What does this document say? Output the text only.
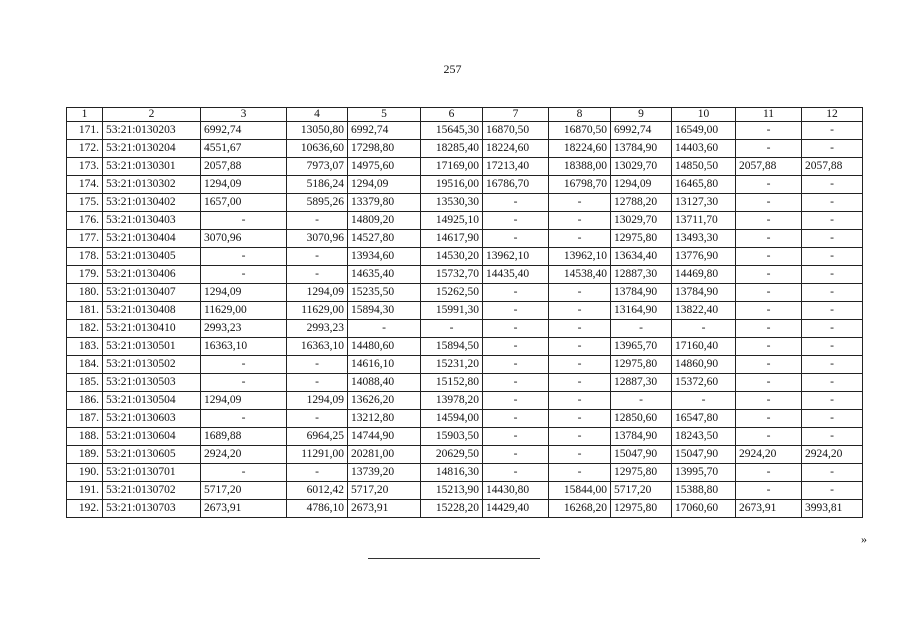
257
1	2	3	4	5	6	7	8	9	10	11	12
171.	53:21:0130203	6992,74	13050,80	6992,74	15645,30	16870,50	16870,50	6992,74	16549,00	-	-
172.	53:21:0130204	4551,67	10636,60	17298,80	18285,40	18224,60	18224,60	13784,90	14403,60	-	-
173.	53:21:0130301	2057,88	7973,07	14975,60	17169,00	17213,40	18388,00	13029,70	14850,50	2057,88	2057,88
174.	53:21:0130302	1294,09	5186,24	1294,09	19516,00	16786,70	16798,70	1294,09	16465,80	-	-
175.	53:21:0130402	1657,00	5895,26	13379,80	13530,30	-	-	12788,20	13127,30	-	-
176.	53:21:0130403	-	-	14809,20	14925,10	-	-	13029,70	13711,70	-	-
177.	53:21:0130404	3070,96	3070,96	14527,80	14617,90	-	-	12975,80	13493,30	-	-
178.	53:21:0130405	-	-	13934,60	14530,20	13962,10	13962,10	13634,40	13776,90	-	-
179.	53:21:0130406	-	-	14635,40	15732,70	14435,40	14538,40	12887,30	14469,80	-	-
180.	53:21:0130407	1294,09	1294,09	15235,50	15262,50	-	-	13784,90	13784,90	-	-
181.	53:21:0130408	11629,00	11629,00	15894,30	15991,30	-	-	13164,90	13822,40	-	-
182.	53:21:0130410	2993,23	2993,23	-	-	-	-	-	-	-	-
183.	53:21:0130501	16363,10	16363,10	14480,60	15894,50	-	-	13965,70	17160,40	-	-
184.	53:21:0130502	-	-	14616,10	15231,20	-	-	12975,80	14860,90	-	-
185.	53:21:0130503	-	-	14088,40	15152,80	-	-	12887,30	15372,60	-	-
186.	53:21:0130504	1294,09	1294,09	13626,20	13978,20	-	-	-	-	-	-
187.	53:21:0130603	-	-	13212,80	14594,00	-	-	12850,60	16547,80	-	-
188.	53:21:0130604	1689,88	6964,25	14744,90	15903,50	-	-	13784,90	18243,50	-	-
189.	53:21:0130605	2924,20	11291,00	20281,00	20629,50	-	-	15047,90	15047,90	2924,20	2924,20
190.	53:21:0130701	-	-	13739,20	14816,30	-	-	12975,80	13995,70	-	-
191.	53:21:0130702	5717,20	6012,42	5717,20	15213,90	14430,80	15844,00	5717,20	15388,80	-	-
192.	53:21:0130703	2673,91	4786,10	2673,91	15228,20	14429,40	16268,20	12975,80	17060,60	2673,91	3993,81
»
